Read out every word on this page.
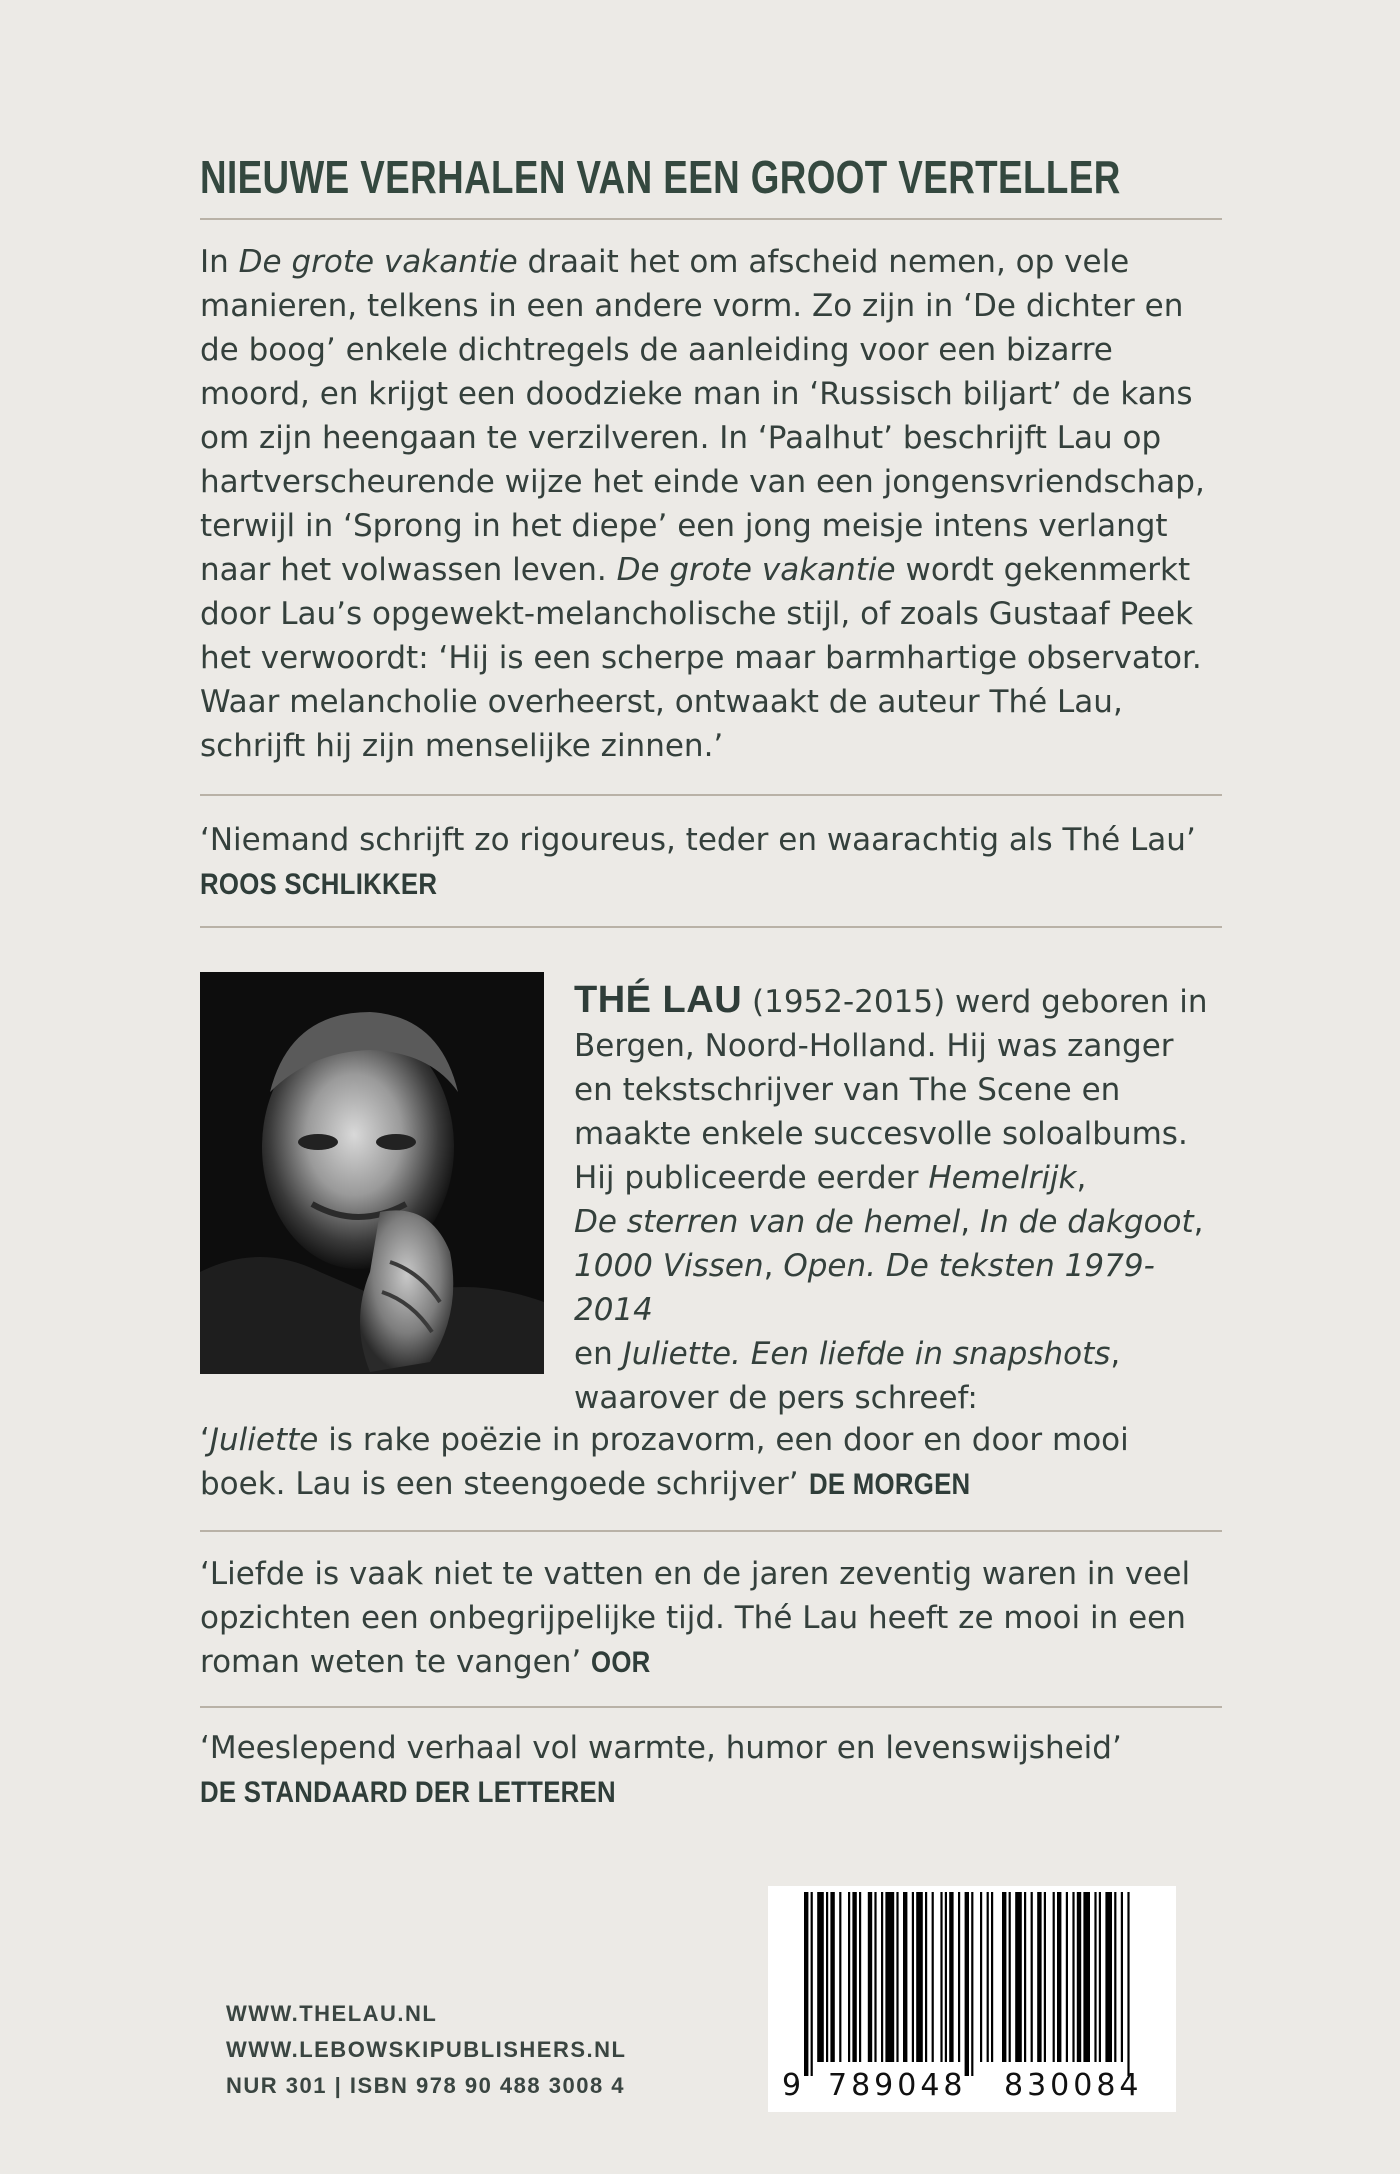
NIEUWE VERHALEN VAN EEN GROOT VERTELLER

In De grote vakantie draait het om afscheid nemen, op vele manieren, telkens in een andere vorm. Zo zijn in ‘De dichter en de boog’ enkele dichtregels de aanleiding voor een bizarre moord, en krijgt een doodzieke man in ‘Russisch biljart’ de kans om zijn heengaan te verzilveren. In ‘Paalhut’ beschrijft Lau op hartverscheurende wijze het einde van een jongensvriendschap, terwijl in ‘Sprong in het diepe’ een jong meisje intens verlangt naar het volwassen leven. De grote vakantie wordt gekenmerkt door Lau’s opgewekt-melancholische stijl, of zoals Gustaaf Peek het verwoordt: ‘Hij is een scherpe maar barmhartige observator. Waar melancholie overheerst, ontwaakt de auteur Thé Lau, schrijft hij zijn menselijke zinnen.’

‘Niemand schrijft zo rigoureus, teder en waarachtig als Thé Lau’
ROOS SCHLIKKER
THÉ LAU (1952-2015) werd geboren in Bergen, Noord-Holland. Hij was zanger en tekstschrijver van The Scene en maakte enkele succesvolle soloalbums. Hij publiceerde eerder Hemelrijk,
De sterren van de hemel, In de dakgoot,
1000 Vissen, Open. De teksten 1979-2014
en Juliette. Een liefde in snapshots,
waarover de pers schreef:
‘Juliette is rake poëzie in prozavorm, een door en door mooi boek. Lau is een steengoede schrijver’ DE MORGEN
‘Liefde is vaak niet te vatten en de jaren zeventig waren in veel opzichten een onbegrijpelijke tijd. Thé Lau heeft ze mooi in een roman weten te vangen’ OOR
‘Meeslepend verhaal vol warmte, humor en levenswijsheid’
DE STANDAARD DER LETTEREN
WWW.THELAU.NL
WWW.LEBOWSKIPUBLISHERS.NL
NUR 301 | ISBN 978 90 488 3008 4	9 789048 830084
